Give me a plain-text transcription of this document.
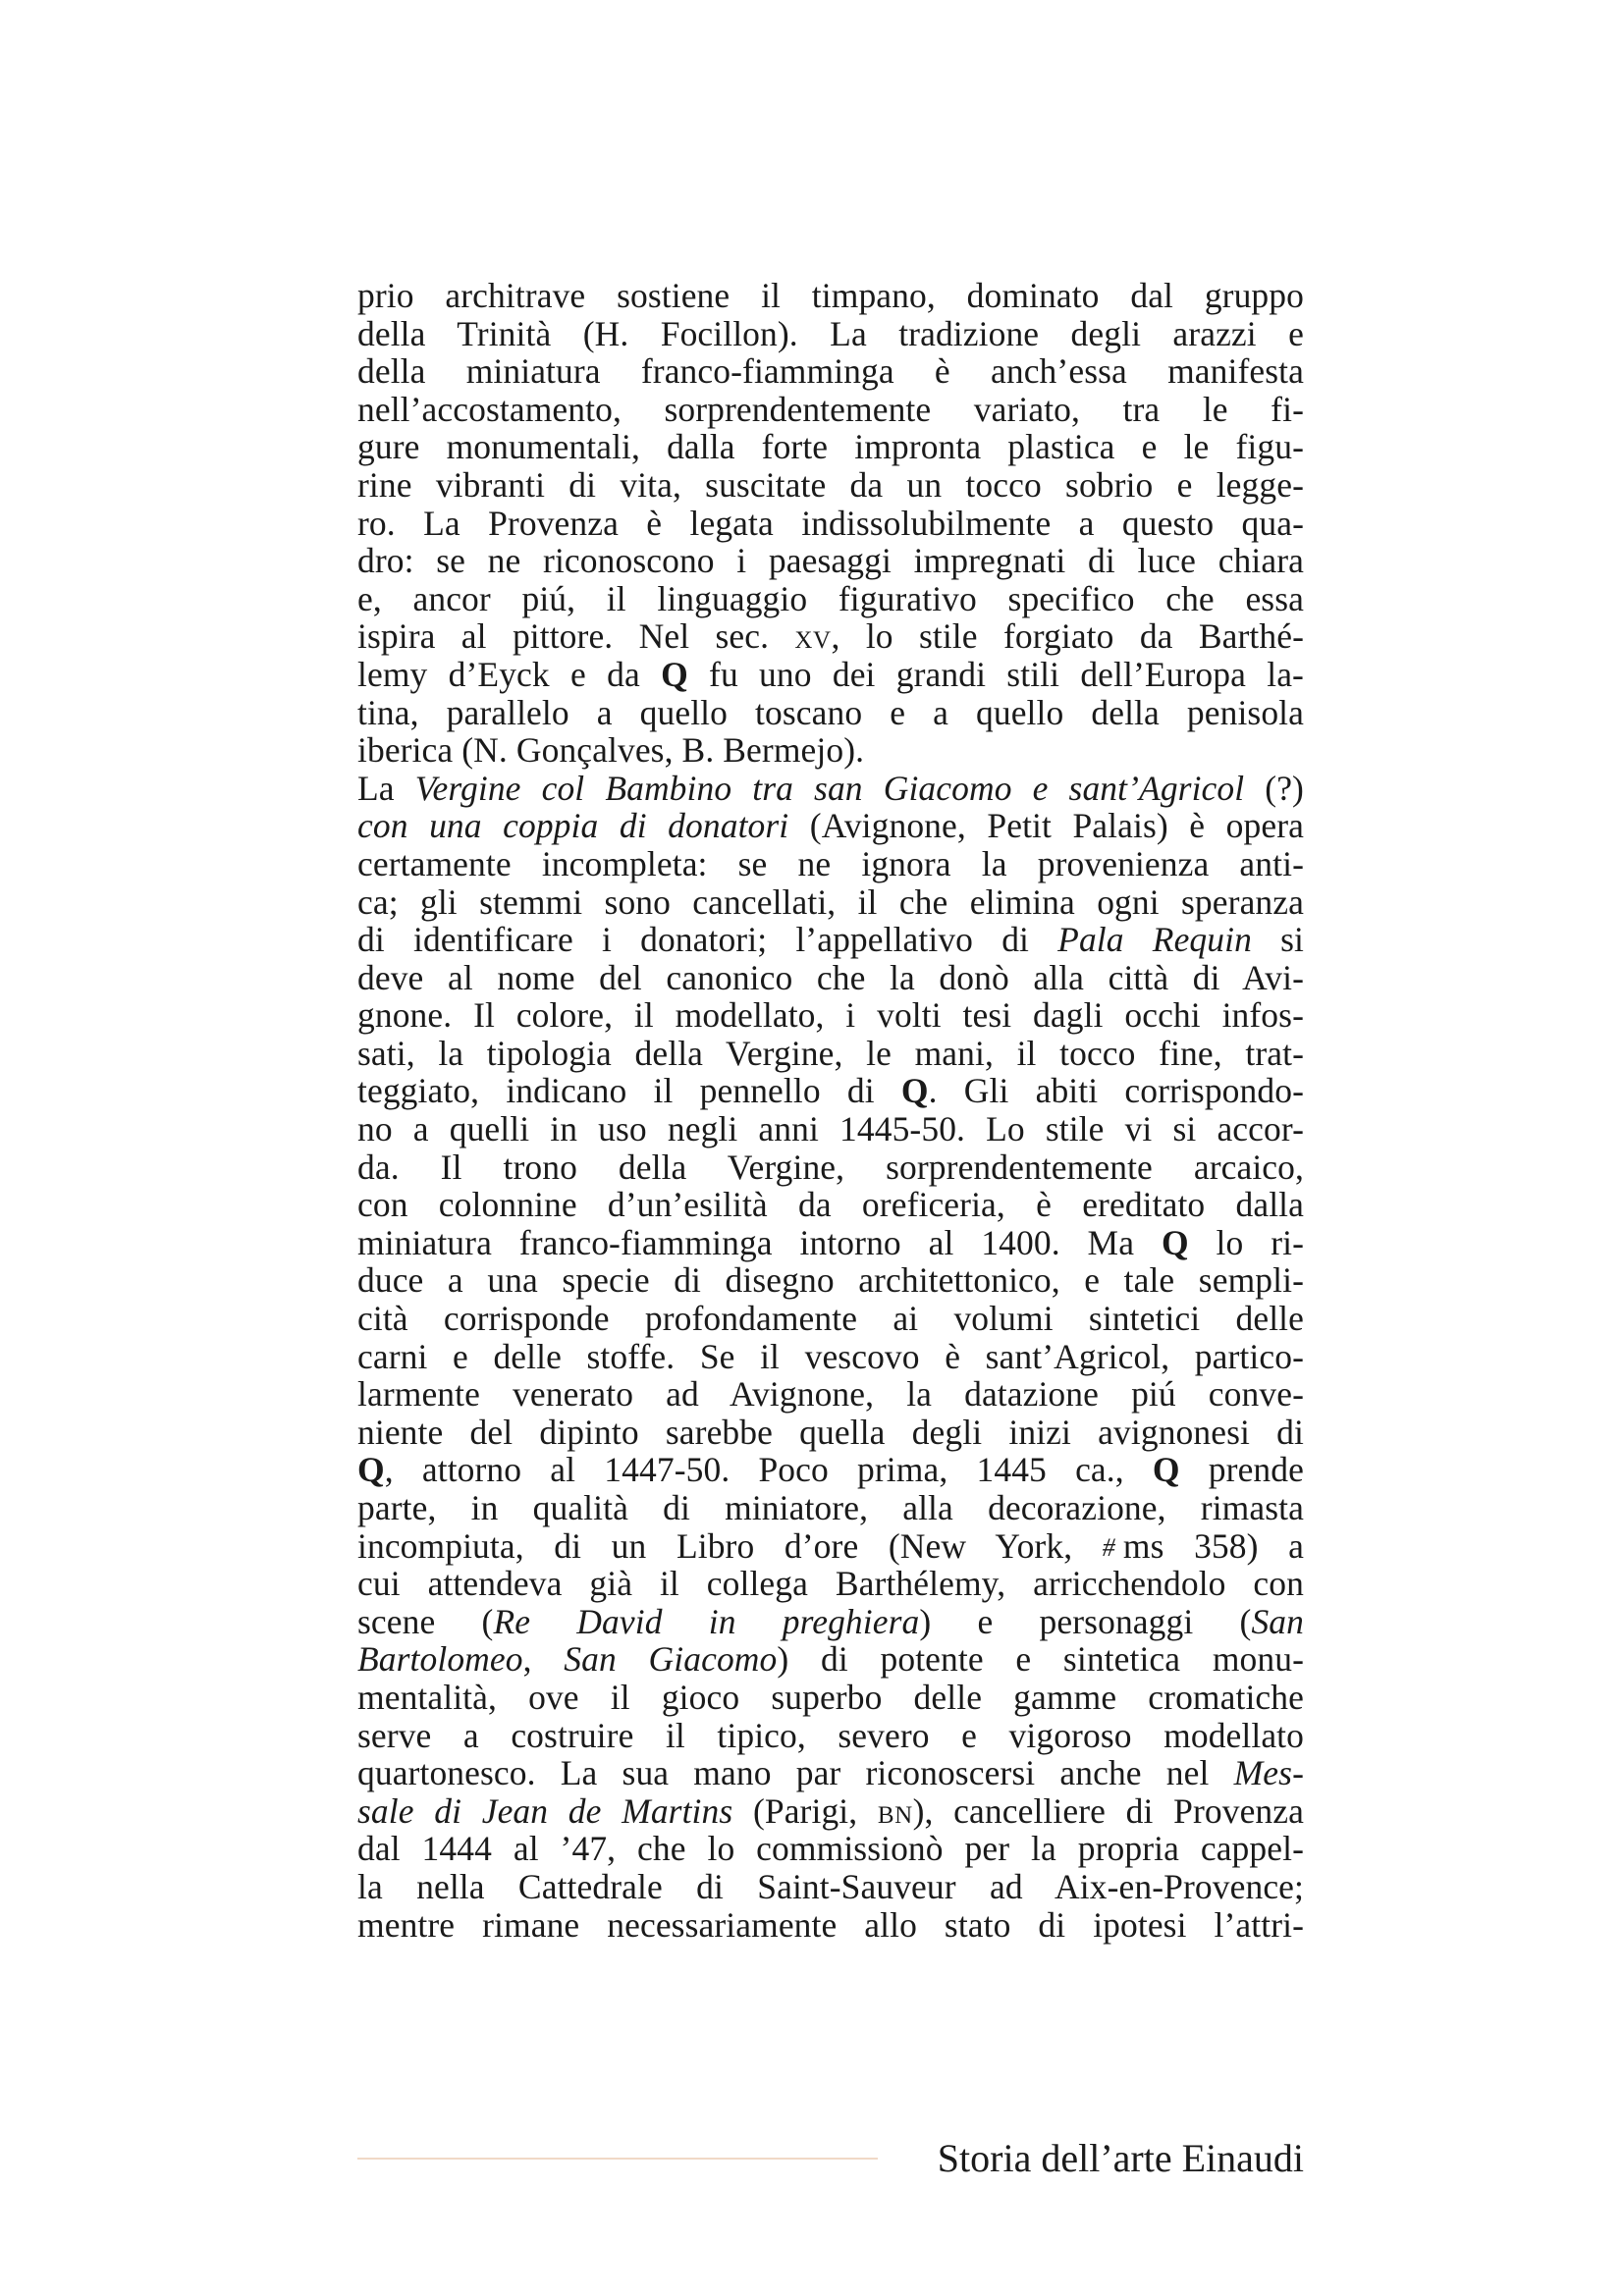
prio architrave sostiene il timpano, dominato dal gruppo
della Trinità (H. Focillon). La tradizione degli arazzi e
della miniatura franco-fiamminga è anch’essa manifesta
nell’accostamento, sorprendentemente variato, tra le fi-
gure monumentali, dalla forte impronta plastica e le figu-
rine vibranti di vita, suscitate da un tocco sobrio e legge-
ro. La Provenza è legata indissolubilmente a questo qua-
dro: se ne riconoscono i paesaggi impregnati di luce chiara
e, ancor piú, il linguaggio figurativo specifico che essa
ispira al pittore. Nel sec. xv, lo stile forgiato da Barthé-
lemy d’Eyck e da Q fu uno dei grandi stili dell’Europa la-
tina, parallelo a quello toscano e a quello della penisola
iberica (N. Gonçalves, B. Bermejo).
La Vergine col Bambino tra san Giacomo e sant’Agricol (?)
con una coppia di donatori (Avignone, Petit Palais) è opera
certamente incompleta: se ne ignora la provenienza anti-
ca; gli stemmi sono cancellati, il che elimina ogni speranza
di identificare i donatori; l’appellativo di Pala Requin si
deve al nome del canonico che la donò alla città di Avi-
gnone. Il colore, il modellato, i volti tesi dagli occhi infos-
sati, la tipologia della Vergine, le mani, il tocco fine, trat-
teggiato, indicano il pennello di Q. Gli abiti corrispondo-
no a quelli in uso negli anni 1445-50. Lo stile vi si accor-
da. Il trono della Vergine, sorprendentemente arcaico,
con colonnine d’un’esilità da oreficeria, è ereditato dalla
miniatura franco-fiamminga intorno al 1400. Ma Q lo ri-
duce a una specie di disegno architettonico, e tale sempli-
cità corrisponde profondamente ai volumi sintetici delle
carni e delle stoffe. Se il vescovo è sant’Agricol, partico-
larmente venerato ad Avignone, la datazione piú conve-
niente del dipinto sarebbe quella degli inizi avignonesi di
Q, attorno al 1447-50. Poco prima, 1445 ca., Q prende
parte, in qualità di miniatore, alla decorazione, rimasta
incompiuta, di un Libro d’ore (New York, # ms 358) a
cui attendeva già il collega Barthélemy, arricchendolo con
scene (Re David in preghiera) e personaggi (San
Bartolomeo, San Giacomo) di potente e sintetica monu-
mentalità, ove il gioco superbo delle gamme cromatiche
serve a costruire il tipico, severo e vigoroso modellato
quartonesco. La sua mano par riconoscersi anche nel Mes-
sale di Jean de Martins (Parigi, bn), cancelliere di Provenza
dal 1444 al ’47, che lo commissionò per la propria cappel-
la nella Cattedrale di Saint-Sauveur ad Aix-en-Provence;
mentre rimane necessariamente allo stato di ipotesi l’attri-
Storia dell’arte Einaudi
